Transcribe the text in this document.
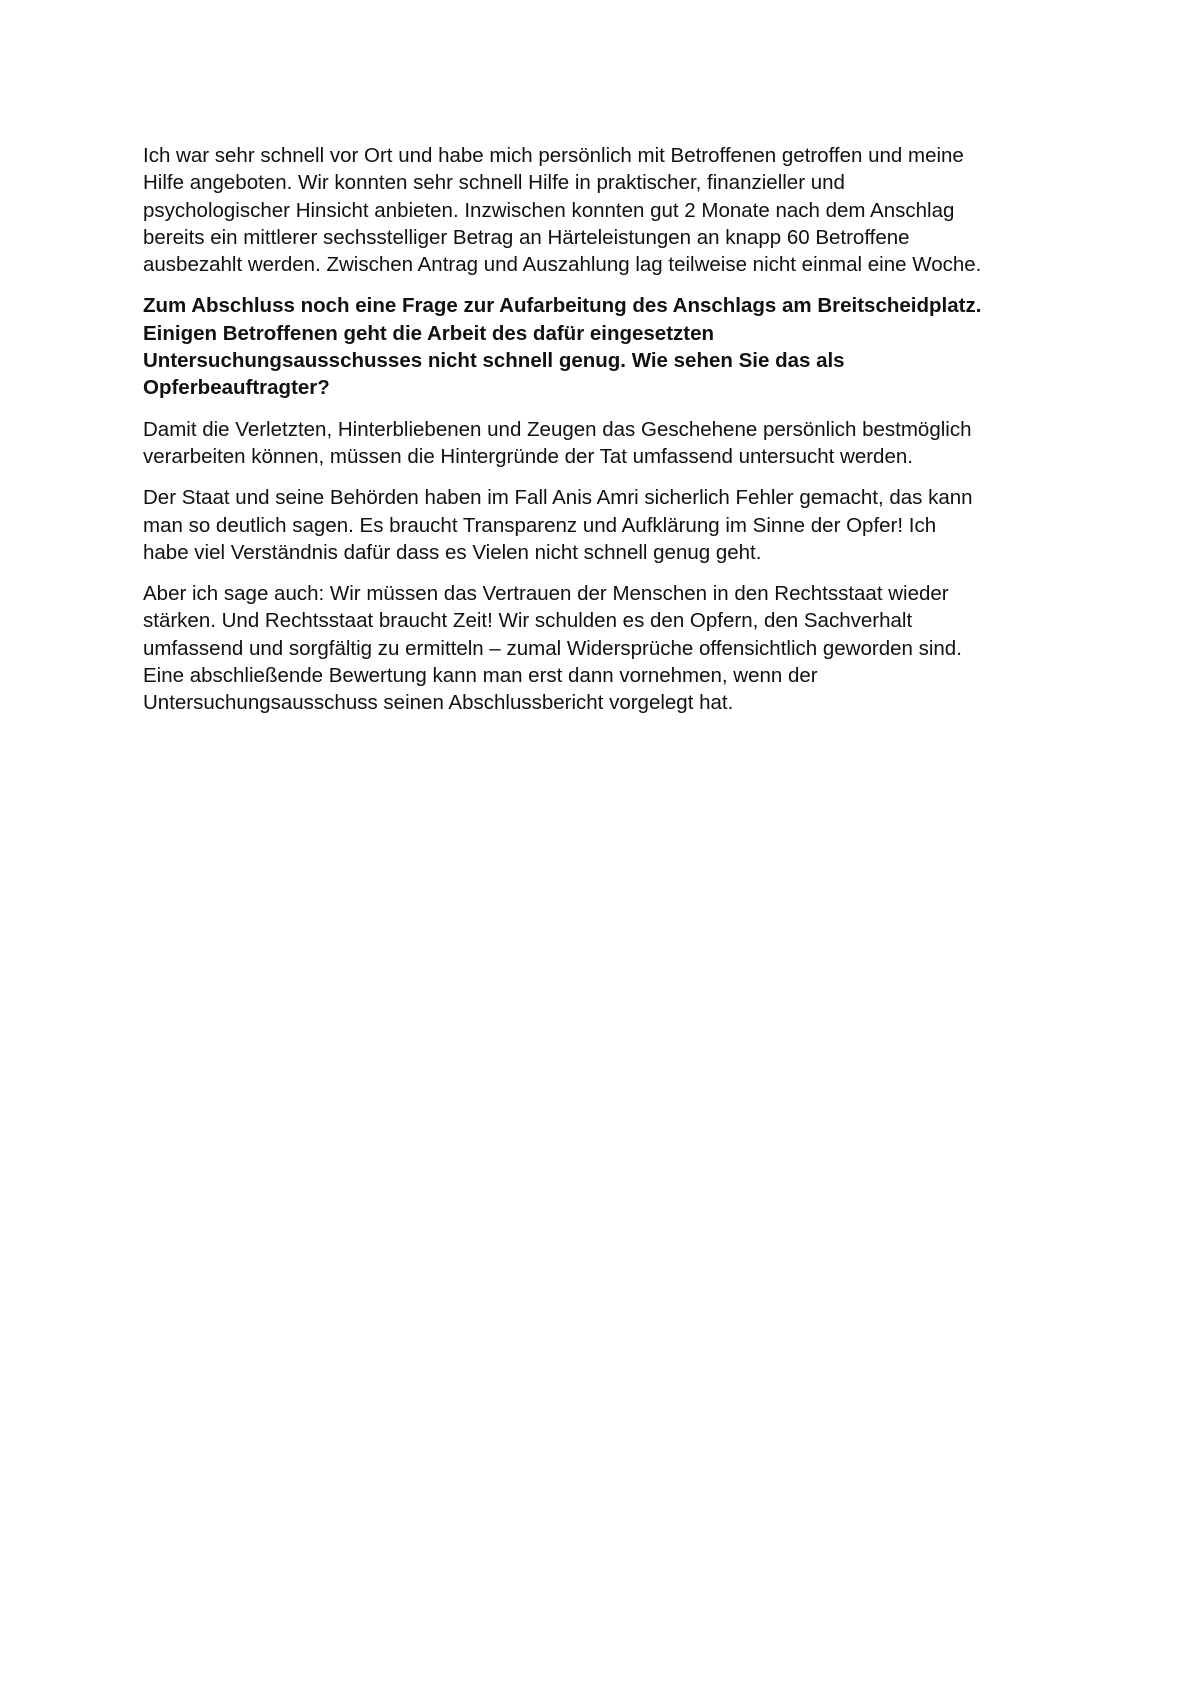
Ich war sehr schnell vor Ort und habe mich persönlich mit Betroffenen getroffen und meine
Hilfe angeboten. Wir konnten sehr schnell Hilfe in praktischer, finanzieller und
psychologischer Hinsicht anbieten. Inzwischen konnten gut 2 Monate nach dem Anschlag
bereits ein mittlerer sechsstelliger Betrag an Härteleistungen an knapp 60 Betroffene
ausbezahlt werden. Zwischen Antrag und Auszahlung lag teilweise nicht einmal eine Woche.

Zum Abschluss noch eine Frage zur Aufarbeitung des Anschlags am Breitscheidplatz.
Einigen Betroffenen geht die Arbeit des dafür eingesetzten
Untersuchungsausschusses nicht schnell genug. Wie sehen Sie das als
Opferbeauftragter?

Damit die Verletzten, Hinterbliebenen und Zeugen das Geschehene persönlich bestmöglich
verarbeiten können, müssen die Hintergründe der Tat umfassend untersucht werden.

Der Staat und seine Behörden haben im Fall Anis Amri sicherlich Fehler gemacht, das kann
man so deutlich sagen. Es braucht Transparenz und Aufklärung im Sinne der Opfer! Ich
habe viel Verständnis dafür dass es Vielen nicht schnell genug geht.

Aber ich sage auch: Wir müssen das Vertrauen der Menschen in den Rechtsstaat wieder
stärken. Und Rechtsstaat braucht Zeit! Wir schulden es den Opfern, den Sachverhalt
umfassend und sorgfältig zu ermitteln – zumal Widersprüche offensichtlich geworden sind.
Eine abschließende Bewertung kann man erst dann vornehmen, wenn der
Untersuchungsausschuss seinen Abschlussbericht vorgelegt hat.
